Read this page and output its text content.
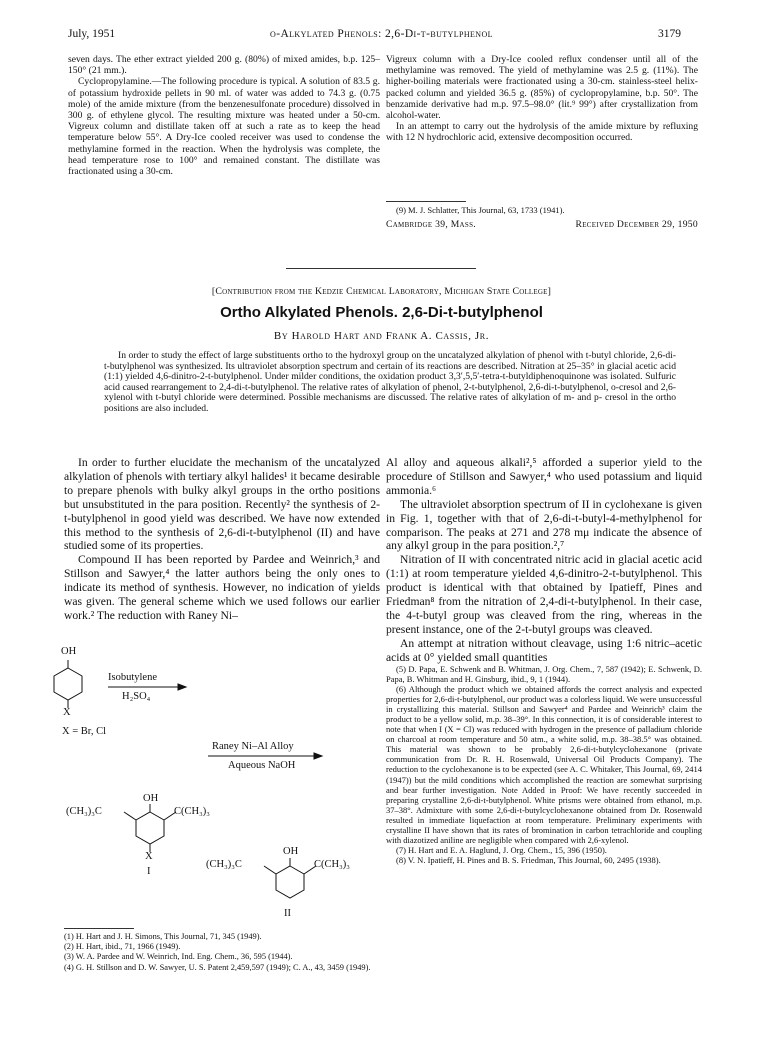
July, 1951	o-Alkylated Phenols: 2,6-Di-t-butylphenol	3179

seven days. The ether extract yielded 200 g. (80%) of mixed amides, b.p. 125–150° (21 mm.).

Cyclopropylamine.—The following procedure is typical. A solution of 83.5 g. of potassium hydroxide pellets in 90 ml. of water was added to 74.3 g. (0.75 mole) of the amide mixture (from the benzenesulfonate procedure) dissolved in 300 g. of ethylene glycol. The resulting mixture was heated under a 50-cm. Vigreux column and distillate taken off at such a rate as to keep the head temperature below 55°. A Dry-Ice cooled receiver was used to condense the methylamine formed in the reaction. When the hydrolysis was complete, the head temperature rose to 100° and remained constant. The distillate was fractionated using a 30-cm.

Vigreux column with a Dry-Ice cooled reflux condenser until all of the methylamine was removed. The yield of methylamine was 2.5 g. (11%). The higher-boiling materials were fractionated using a 30-cm. stainless-steel helix-packed column and yielded 36.5 g. (85%) of cyclopropylamine, b.p. 50°. The benzamide derivative had m.p. 97.5–98.0° (lit.⁹ 99°) after crystallization from alcohol-water.

In an attempt to carry out the hydrolysis of the amide mixture by refluxing with 12 N hydrochloric acid, extensive decomposition occurred.

(9) M. J. Schlatter, This Journal, 63, 1733 (1941).
Cambridge 39, Mass.	Received December 29, 1950
[Contribution from the Kedzie Chemical Laboratory, Michigan State College]
Ortho Alkylated Phenols. 2,6-Di-t-butylphenol
By Harold Hart and Frank A. Cassis, Jr.

In order to study the effect of large substituents ortho to the hydroxyl group on the uncatalyzed alkylation of phenol with t-butyl chloride, 2,6-di-t-butylphenol was synthesized. Its ultraviolet absorption spectrum and certain of its reactions are described. Nitration at 25–35° in glacial acetic acid (1:1) yielded 4,6-dinitro-2-t-butylphenol. Under milder conditions, the oxidation product 3,3′,5,5′-tetra-t-butyldiphenoquinone was isolated. Sulfuric acid caused rearrangement to 2,4-di-t-butylphenol. The relative rates of alkylation of phenol, 2-t-butylphenol, 2,6-di-t-butylphenol, o-cresol and 2,6-xylenol with t-butyl chloride were determined. Possible mechanisms are discussed. The relative rates of alkylation of m- and p- cresol in the ortho positions are also included.

In order to further elucidate the mechanism of the uncatalyzed alkylation of phenols with tertiary alkyl halides¹ it became desirable to prepare phenols with bulky alkyl groups in the ortho positions but unsubstituted in the para position. Recently² the synthesis of 2-t-butylphenol in good yield was described. We have now extended this method to the synthesis of 2,6-di-t-butylphenol (II) and have studied some of its properties.

Compound II has been reported by Pardee and Weinrich,³ and Stillson and Sawyer,⁴ the latter authors being the only ones to indicate its method of synthesis. However, no indication of yields was given. The general scheme which we used follows our earlier work.² The reduction with Raney Ni–

Al alloy and aqueous alkali²,⁵ afforded a superior yield to the procedure of Stillson and Sawyer,⁴ who used potassium and liquid ammonia.⁶

The ultraviolet absorption spectrum of II in cyclohexane is given in Fig. 1, together with that of 2,6-di-t-butyl-4-methylphenol for comparison. The peaks at 271 and 278 mμ indicate the absence of any alkyl group in the para position.²,⁷

Nitration of II with concentrated nitric acid in glacial acetic acid (1:1) at room temperature yielded 4,6-dinitro-2-t-butylphenol. This product is identical with that obtained by Ipatieff, Pines and Friedman⁸ from the nitration of 2,4-di-t-butylphenol. In their case, the 4-t-butyl group was cleaved from the ring, whereas in the present instance, one of the 2-t-butyl groups was cleaved.

An attempt at nitration without cleavage, using 1:6 nitric–acetic acids at 0° yielded small quantities

OH
Isobutylene
H₂SO₄
X
X = Br, Cl
OH
(CH₃)₃C	C(CH₃)₃
Raney Ni–Al Alloy
Aqueous NaOH
X
I
OH
(CH₃)₃C	C(CH₃)₃
II

(1) H. Hart and J. H. Simons, This Journal, 71, 345 (1949).

(2) H. Hart, ibid., 71, 1966 (1949).

(3) W. A. Pardee and W. Weinrich, Ind. Eng. Chem., 36, 595 (1944).

(4) G. H. Stillson and D. W. Sawyer, U. S. Patent 2,459,597 (1949); C. A., 43, 3459 (1949).

(5) D. Papa, E. Schwenk and B. Whitman, J. Org. Chem., 7, 587 (1942); E. Schwenk, D. Papa, B. Whitman and H. Ginsburg, ibid., 9, 1 (1944).

(6) Although the product which we obtained affords the correct analysis and expected properties for 2,6-di-t-butylphenol, our product was a colorless liquid. We were unsuccessful in crystallizing this material. Stillson and Sawyer⁴ and Pardee and Weinrich³ claim the product to be a yellow solid, m.p. 38–39°. In this connection, it is of considerable interest to note that when I (X = Cl) was reduced with hydrogen in the presence of palladium chloride on charcoal at room temperature and 50 atm., a white solid, m.p. 38–38.5° was obtained. This material was shown to be probably 2,6-di-t-butylcyclohexanone (private communication from Dr. R. H. Rosenwald, Universal Oil Products Company). The reduction to the cyclohexanone is to be expected (see A. C. Whitaker, This Journal, 69, 2414 (1947)) but the mild conditions which accomplished the reaction are somewhat surprising and bear further investigation. Note Added in Proof: We have recently succeeded in preparing crystalline 2,6-di-t-butylphenol. White prisms were obtained from ethanol, m.p. 37–38°. Admixture with some 2,6-di-t-butylcyclohexanone obtained from Dr. Rosenwald resulted in immediate liquefaction at room temperature. Preliminary experiments with crystalline II have shown that its rates of bromination in carbon tetrachloride and coupling with diazotized aniline are negligible when compared with 2,6-xylenol.

(7) H. Hart and E. A. Haglund, J. Org. Chem., 15, 396 (1950).

(8) V. N. Ipatieff, H. Pines and B. S. Friedman, This Journal, 60, 2495 (1938).
